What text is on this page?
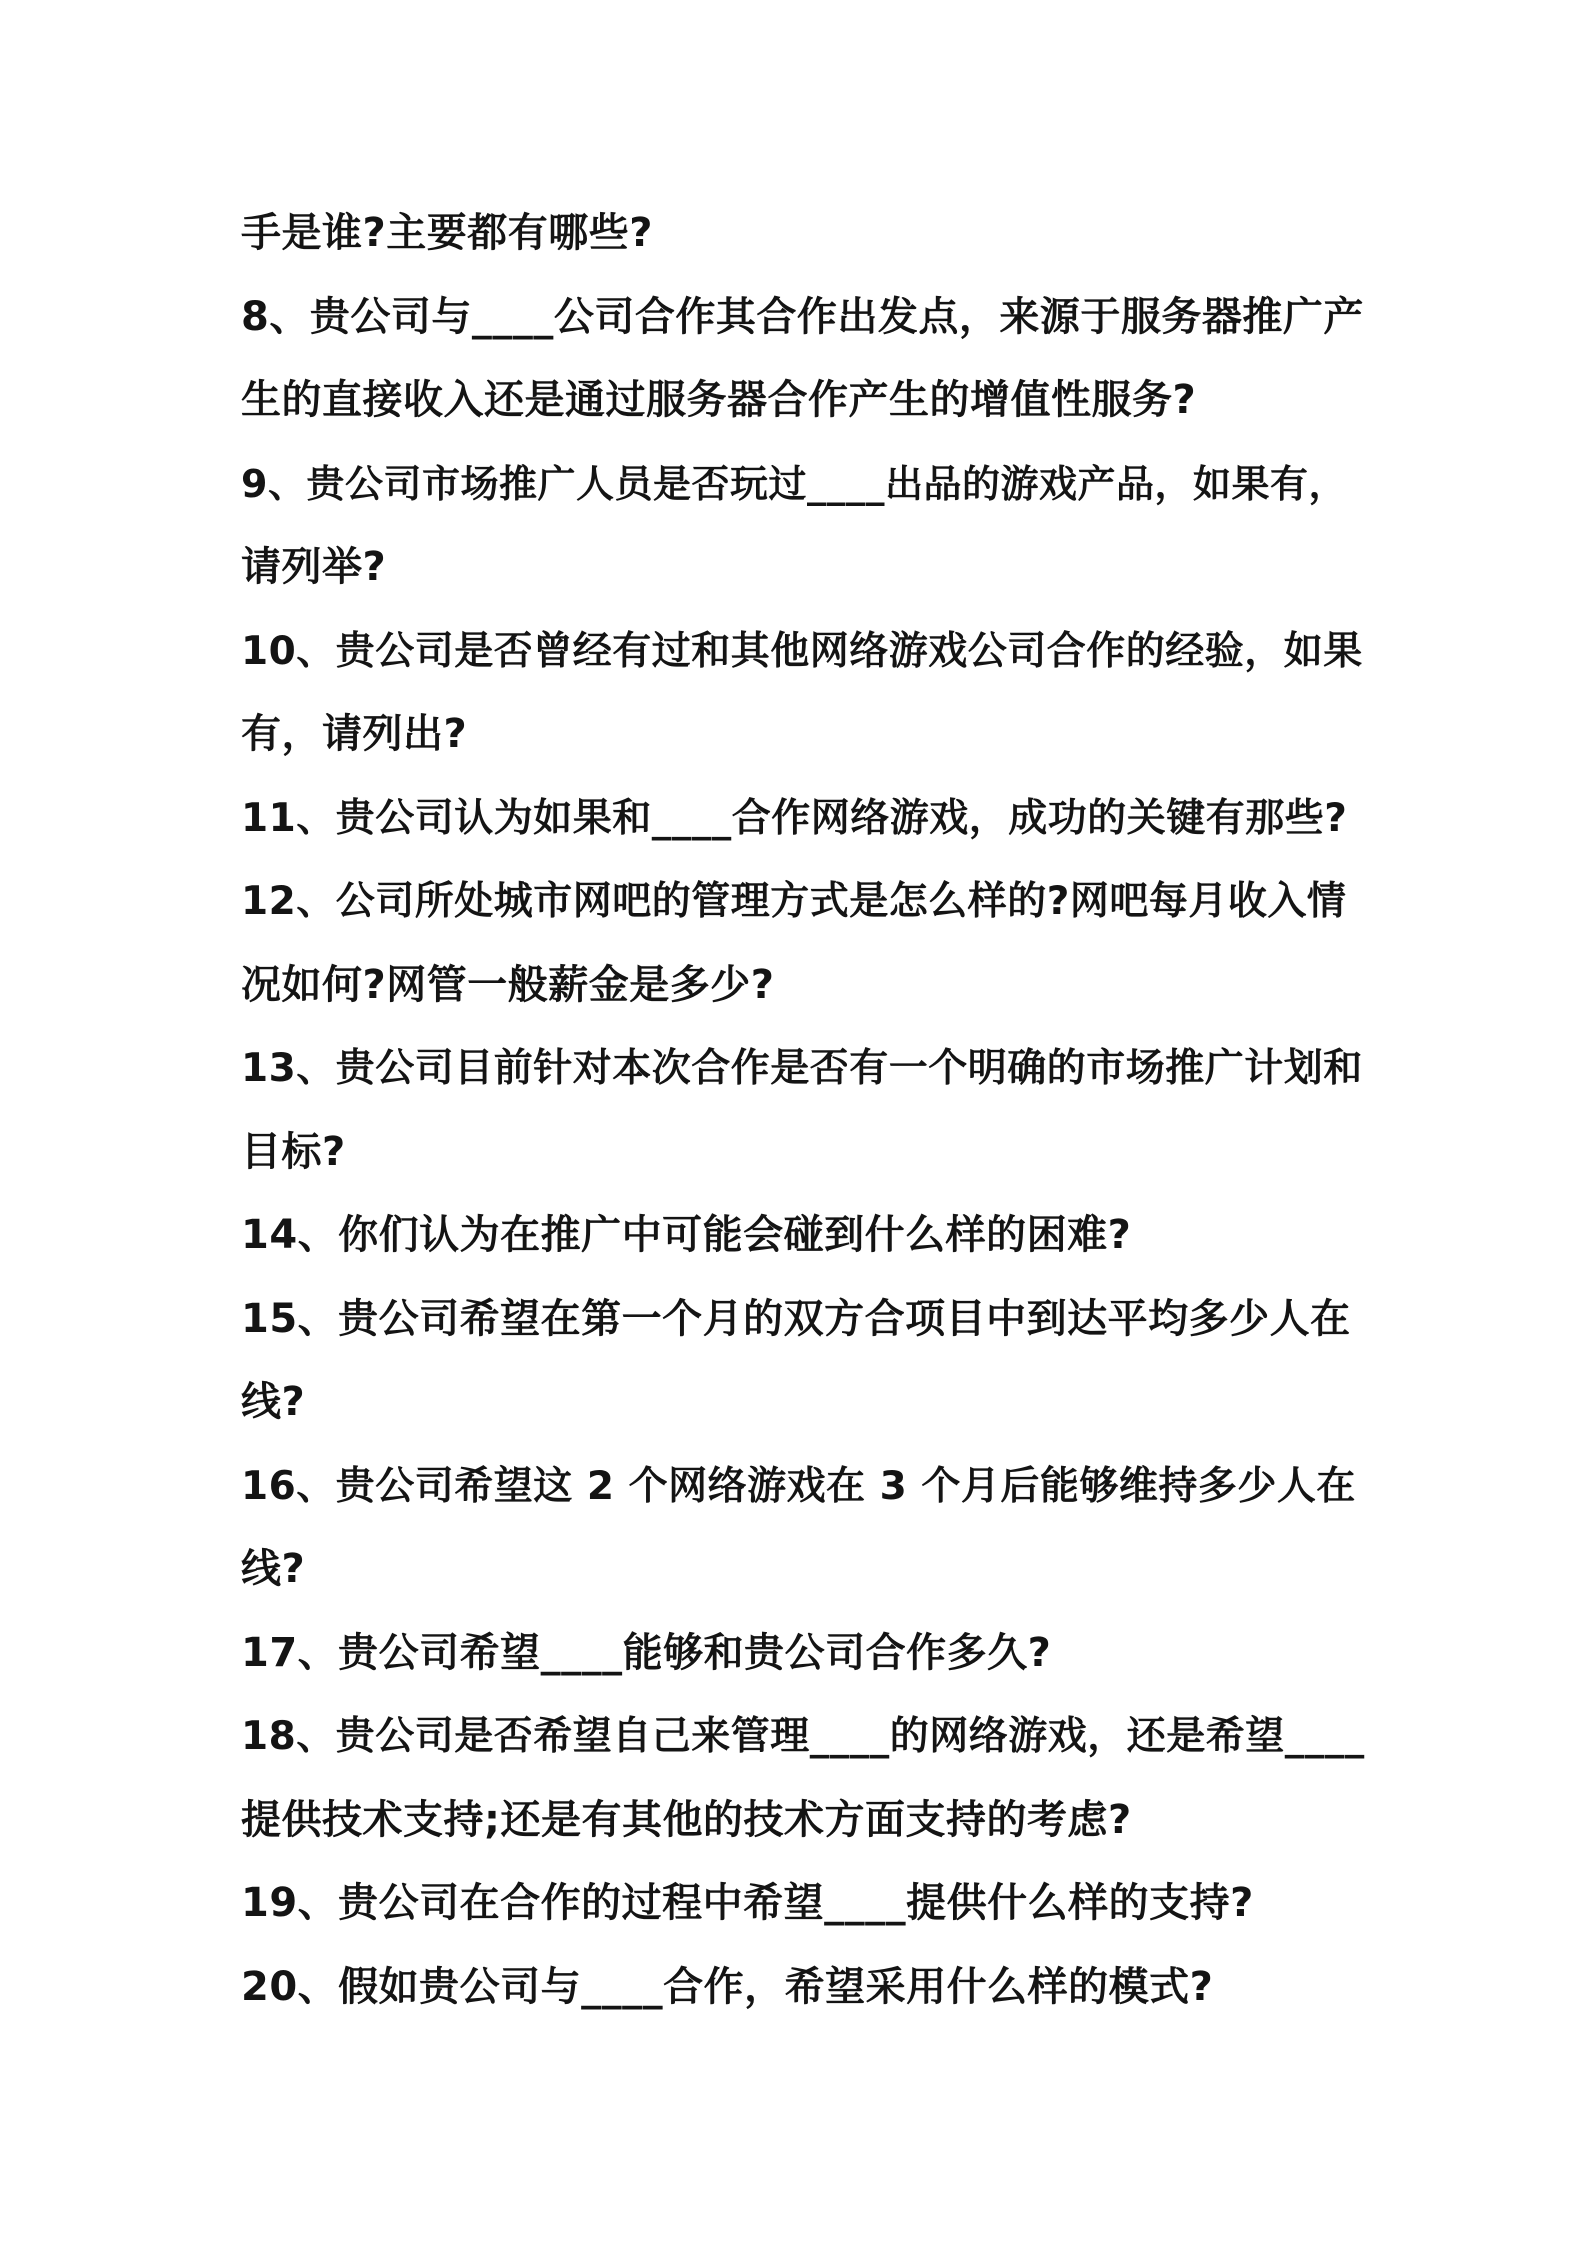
手是谁?主要都有哪些?
8、贵公司与____公司合作其合作出发点，来源于服务器推广产
生的直接收入还是通过服务器合作产生的增值性服务?
9、贵公司市场推广人员是否玩过____出品的游戏产品，如果有，
请列举?
10、贵公司是否曾经有过和其他网络游戏公司合作的经验，如果
有，请列出?
11、贵公司认为如果和____合作网络游戏，成功的关键有那些?
12、公司所处城市网吧的管理方式是怎么样的?网吧每月收入情
况如何?网管一般薪金是多少?
13、贵公司目前针对本次合作是否有一个明确的市场推广计划和
目标?
14、你们认为在推广中可能会碰到什么样的困难?
15、贵公司希望在第一个月的双方合项目中到达平均多少人在
线?
16、贵公司希望这 2 个网络游戏在 3 个月后能够维持多少人在
线?
17、贵公司希望____能够和贵公司合作多久?
18、贵公司是否希望自己来管理____的网络游戏，还是希望____
提供技术支持;还是有其他的技术方面支持的考虑?
19、贵公司在合作的过程中希望____提供什么样的支持?
20、假如贵公司与____合作，希望采用什么样的模式?
